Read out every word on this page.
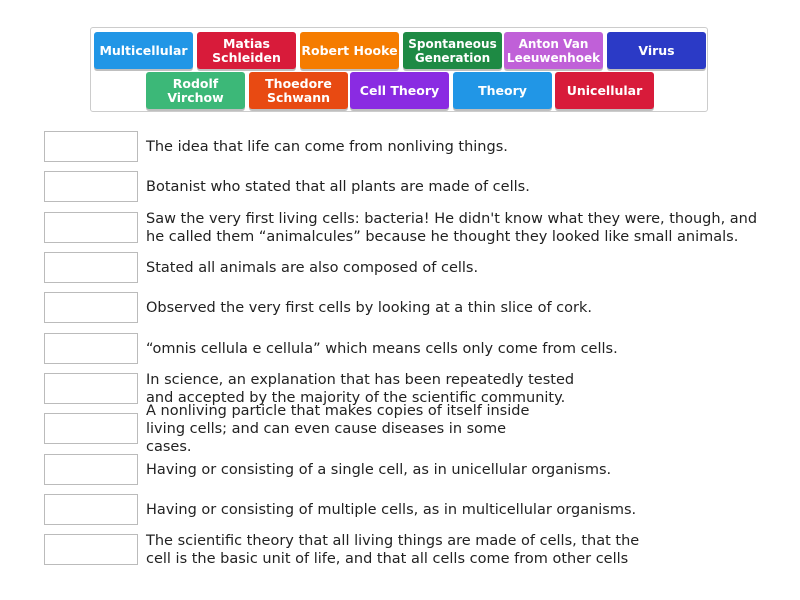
Multicellular	Matias Schleiden	Robert Hooke Spontaneous Generation
Anton Van Leeuwenhoek	Virus
Rodolf Virchow
Thoedore Schwann	Cell Theory	Theory	Unicellular
The idea that life can come from nonliving things.
Botanist who stated that all plants are made of cells.
Saw the very first living cells: bacteria! He didn't know what they were, though, and he called them “animalcules” because he thought they looked like small animals.
Stated all animals are also composed of cells.
Observed the very first cells by looking at a thin slice of cork.
“omnis cellula e cellula” which means cells only come from cells.
In science, an explanation that has been repeatedly tested and accepted by the majority of the scientific community.
A nonliving particle that makes copies of itself inside living cells; and can even cause diseases in some cases.
Having or consisting of a single cell, as in unicellular organisms.
Having or consisting of multiple cells, as in multicellular organisms.
The scientific theory that all living things are made of cells, that the cell is the basic unit of life, and that all cells come from other cells
